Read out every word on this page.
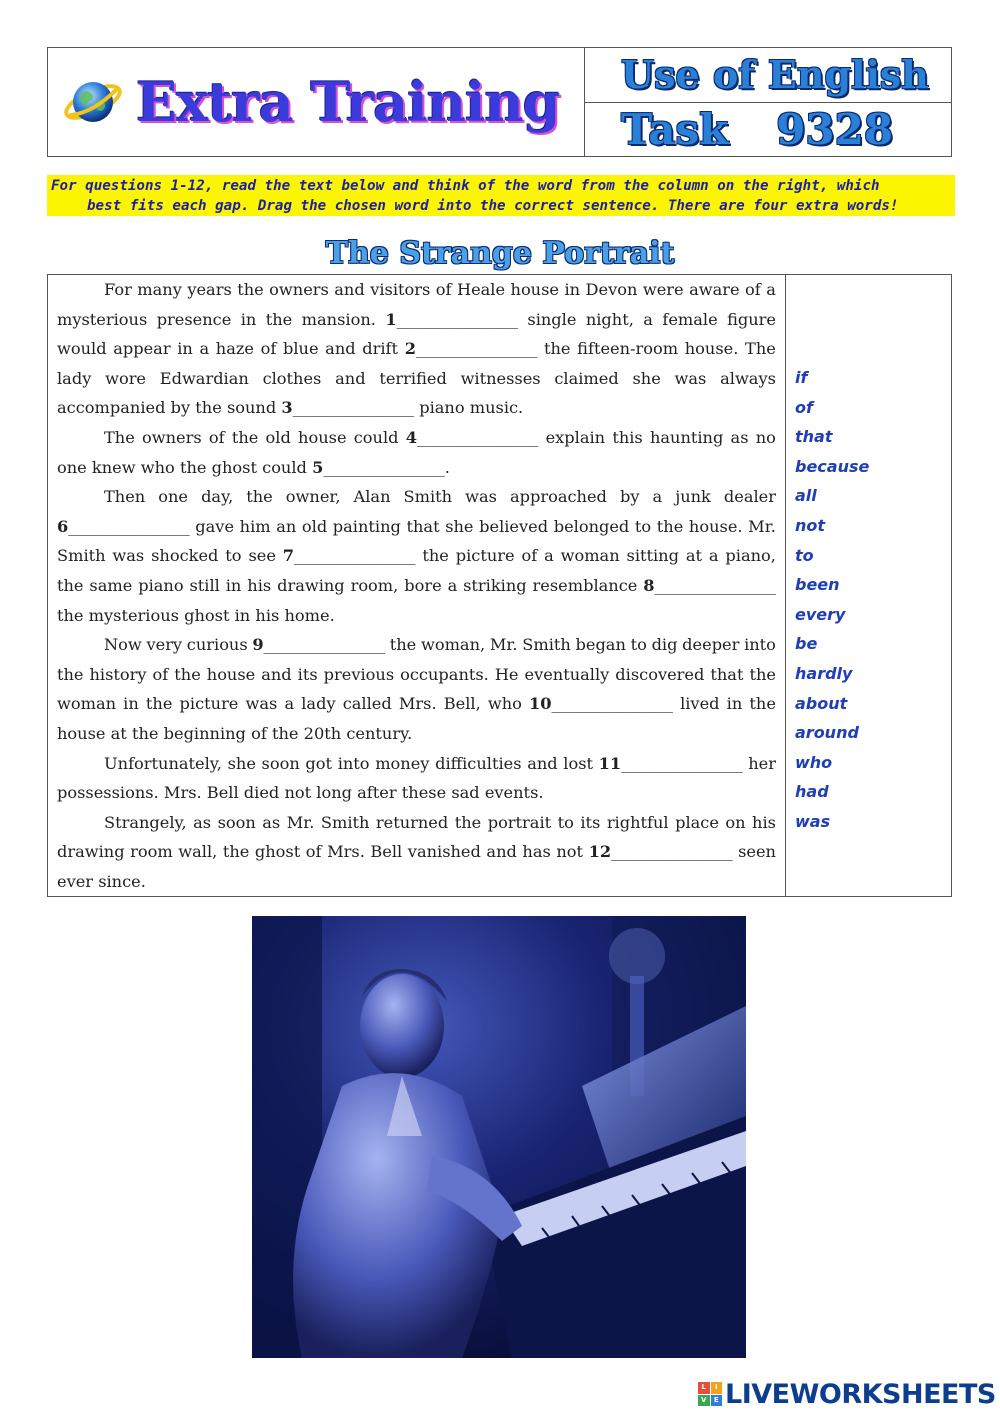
Extra Training	Use of English
Task 9328
For questions 1-12, read the text below and think of the word from the column on the right, which
best fits each gap. Drag the chosen word into the correct sentence. There are four extra words!
The Strange Portrait
For many years the owners and visitors of Heale house in Devon were aware of a
mysterious presence in the mansion. 1_______________ single night, a female figure
would appear in a haze of blue and drift 2_______________ the fifteen-room house. The
lady wore Edwardian clothes and terrified witnesses claimed she was always
accompanied
by
the
sound
3_______________
piano
music.
The owners of the old house could 4_______________ explain this haunting as no
one
knew
who
the
ghost
could
5_______________.
Then one day, the owner, Alan Smith was approached by a junk dealer
6_______________ gave him an old painting that she believed belonged to the house. Mr.
Smith was shocked to see 7_______________ the picture of a woman sitting at a piano,
the same piano still in his drawing room, bore a striking resemblance 8_______________
the
mysterious
ghost
in
his
home.
Now very curious 9_______________ the woman, Mr. Smith began to dig deeper into
the history of the house and its previous occupants. He eventually discovered that the
woman in the picture was a lady called Mrs. Bell, who 10_______________ lived in the
house
at
the
beginning
of
the
20th
century.
Unfortunately, she soon got into money difficulties and lost 11_______________ her
possessions.
Mrs.
Bell
died
not
long
after
these
sad
events.
Strangely, as soon as Mr. Smith returned the portrait to its rightful place on his
drawing room wall, the ghost of Mrs. Bell vanished and has not 12_______________ seen
ever
since.
if
of
that
because
all
not
to
been
every
be
hardly
about
around
who
had
was
L	I
V	E LIVEWORKSHEETS
